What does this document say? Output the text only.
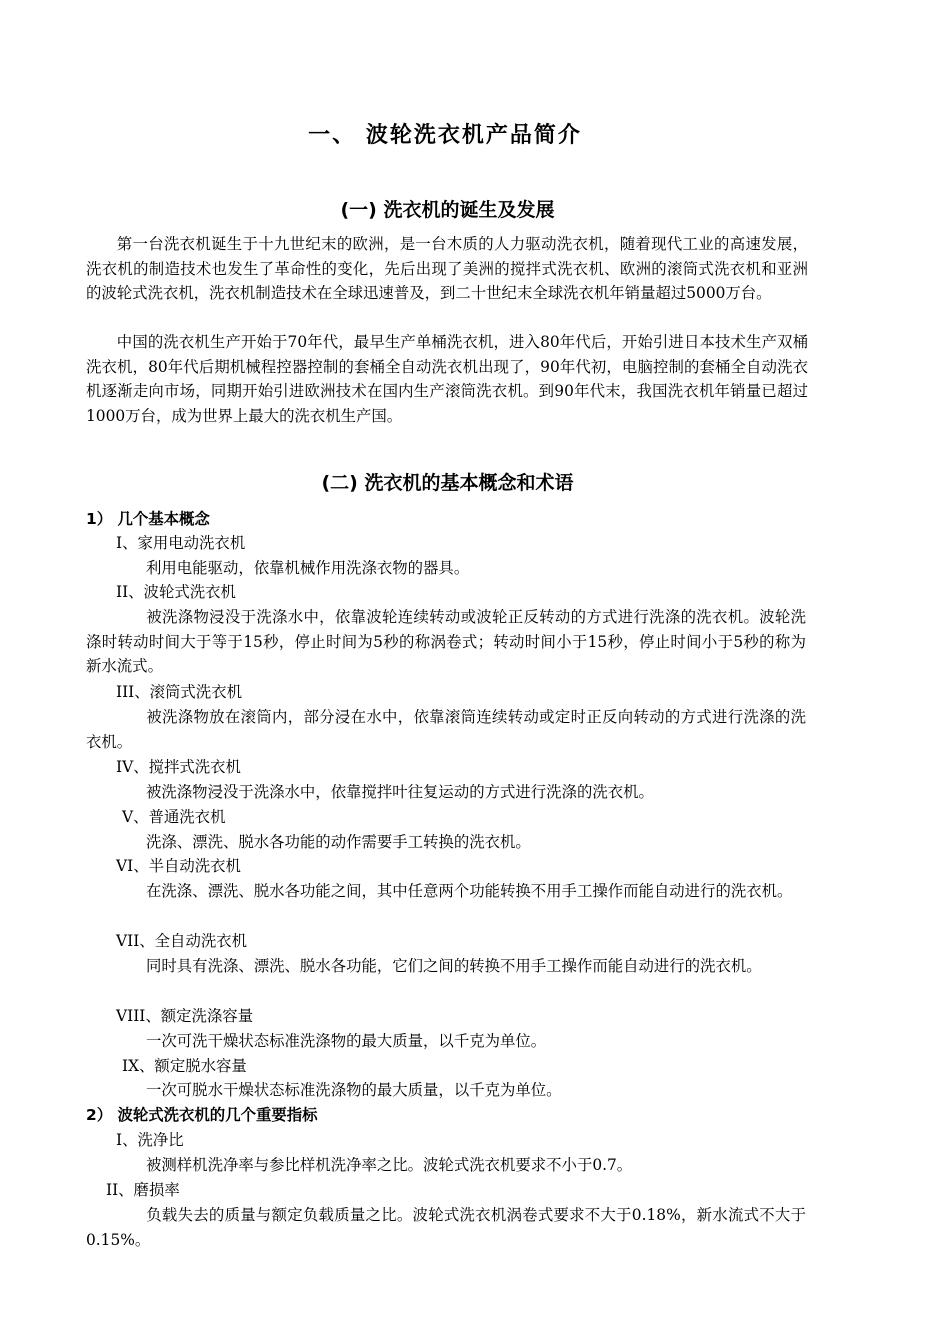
一、 波轮洗衣机产品简介
(一) 洗衣机的诞生及发展

第一台洗衣机诞生于十九世纪末的欧洲，是一台木质的人力驱动洗衣机，随着现代工业的高速发展，洗衣机的制造技术也发生了革命性的变化，先后出现了美洲的搅拌式洗衣机、欧洲的滚筒式洗衣机和亚洲的波轮式洗衣机，洗衣机制造技术在全球迅速普及，到二十世纪末全球洗衣机年销量超过5000万台。

中国的洗衣机生产开始于70年代，最早生产单桶洗衣机，进入80年代后，开始引进日本技术生产双桶洗衣机，80年代后期机械程控器控制的套桶全自动洗衣机出现了，90年代初，电脑控制的套桶全自动洗衣机逐渐走向市场，同期开始引进欧洲技术在国内生产滚筒洗衣机。到90年代末，我国洗衣机年销量已超过1000万台，成为世界上最大的洗衣机生产国。

(二) 洗衣机的基本概念和术语
1） 几个基本概念
I、家用电动洗衣机
利用电能驱动，依靠机械作用洗涤衣物的器具。
II、波轮式洗衣机

被洗涤物浸没于洗涤水中，依靠波轮连续转动或波轮正反转动的方式进行洗涤的洗衣机。波轮洗涤时转动时间大于等于15秒，停止时间为5秒的称涡卷式；转动时间小于15秒，停止时间小于5秒的称为新水流式。

III、滚筒式洗衣机

被洗涤物放在滚筒内，部分浸在水中，依靠滚筒连续转动或定时正反向转动的方式进行洗涤的洗衣机。

IV、搅拌式洗衣机
被洗涤物浸没于洗涤水中，依靠搅拌叶往复运动的方式进行洗涤的洗衣机。
V、普通洗衣机
洗涤、漂洗、脱水各功能的动作需要手工转换的洗衣机。
VI、半自动洗衣机

在洗涤、漂洗、脱水各功能之间，其中任意两个功能转换不用手工操作而能自动进行的洗衣机。

VII、全自动洗衣机

同时具有洗涤、漂洗、脱水各功能，它们之间的转换不用手工操作而能自动进行的洗衣机。

VIII、额定洗涤容量
一次可洗干燥状态标准洗涤物的最大质量，以千克为单位。
IX、额定脱水容量
一次可脱水干燥状态标准洗涤物的最大质量，以千克为单位。
2） 波轮式洗衣机的几个重要指标
I、洗净比
被测样机洗净率与参比样机洗净率之比。波轮式洗衣机要求不小于0.7。
II、磨损率

负载失去的质量与额定负载质量之比。波轮式洗衣机涡卷式要求不大于0.18%，新水流式不大于0.15%。
